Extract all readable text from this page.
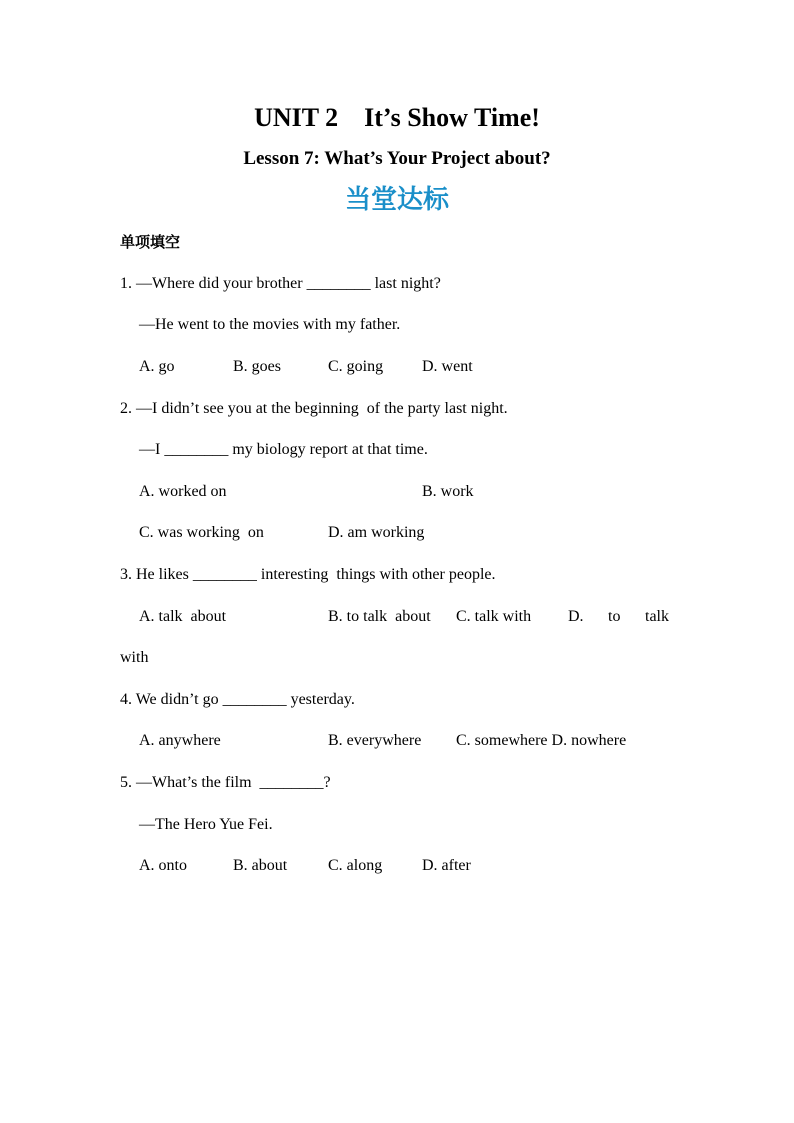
UNIT 2    It’s Show Time!
Lesson 7: What’s Your Project about?
当堂达标
单项填空
1. —Where did your brother ________ last night?
—He went to the movies with my father.
A. go	B. goes	C. going D. went
2. —I didn’t see you at the beginning  of the party last night.
—I ________ my biology report at that time.
A. worked on	B. work
C. was working  on	D. am working
3. He likes ________ interesting  things with other people.
A. talk  about	B. to talk  about C. talk with D. to talk
with
4. We didn’t go ________ yesterday.
A. anywhere	B. everywhere C. somewhere D. nowhere
5. —What’s the film  ________?
—The Hero Yue Fei.
A. onto	B. about	C. along D. after
